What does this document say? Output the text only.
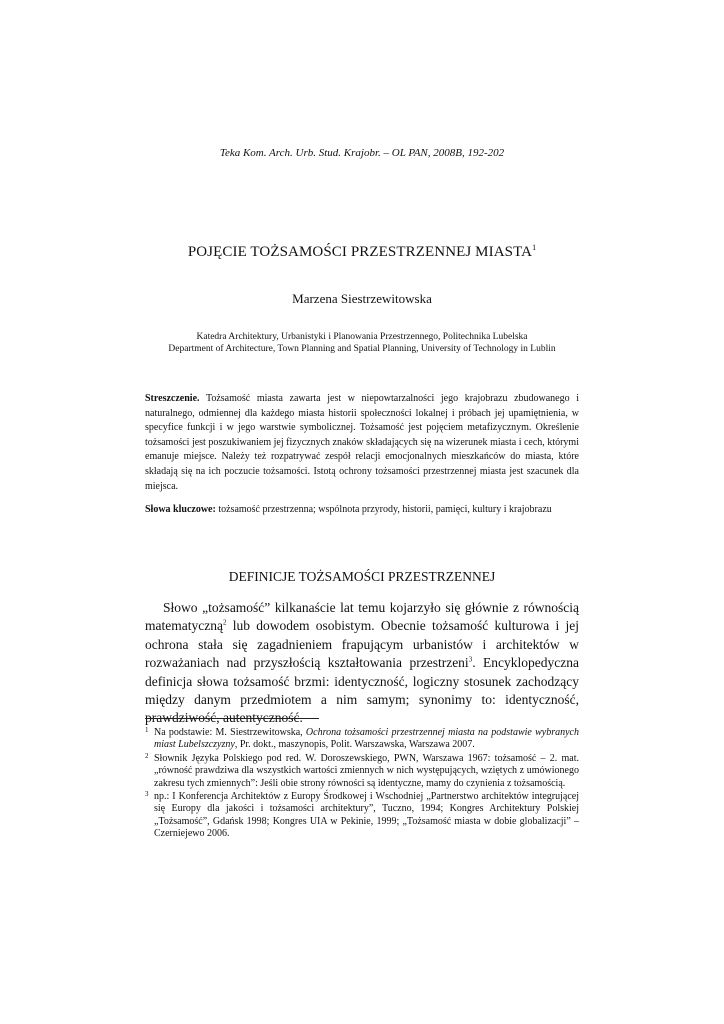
Teka Kom. Arch. Urb. Stud. Krajobr. – OL PAN, 2008B, 192-202
POJĘCIE TOŻSAMOŚCI PRZESTRZENNEJ MIASTA$^1$
Marzena Siestrzewitowska
Katedra Architektury, Urbanistyki i Planowania Przestrzennego, Politechnika Lubelska
Department of Architecture, Town Planning and Spatial Planning, University of Technology in Lublin

Streszczenie. Tożsamość miasta zawarta jest w niepowtarzalności jego krajobrazu zbudowanego i naturalnego, odmiennej dla każdego miasta historii społeczności lokalnej i próbach jej upamiętnienia, w specyfice funkcji i w jego warstwie symbolicznej. Tożsamość jest pojęciem metafizycznym. Określenie tożsamości jest poszukiwaniem jej fizycznych znaków składających się na wizerunek miasta i cech, którymi emanuje miejsce. Należy też rozpatrywać zespół relacji emocjonalnych mieszkańców do miasta, które składają się na ich poczucie tożsamości. Istotą ochrony tożsamości przestrzennej miasta jest szacunek dla miejsca.

Słowa kluczowe: tożsamość przestrzenna; wspólnota przyrody, historii, pamięci, kultury i krajobrazu

DEFINICJE TOŻSAMOŚCI PRZESTRZENNEJ

Słowo „tożsamość” kilkanaście lat temu kojarzyło się głównie z równością matematyczną$^2$ lub dowodem osobistym. Obecnie tożsamość kulturowa i jej ochrona stała się zagadnieniem frapującym urbanistów i architektów w rozważaniach nad przyszłością kształtowania przestrzeni$^3$. Encyklopedyczna definicja słowa tożsamość brzmi: identyczność, logiczny stosunek zachodzący między danym przedmiotem a nim samym; synonimy to: identyczność, prawdziwość, autentyczność.

1 Na podstawie: M. Siestrzewitowska, Ochrona tożsamości przestrzennej miasta na podstawie wybranych miast Lubelszczyzny, Pr. dokt., maszynopis, Polit. Warszawska, Warszawa 2007.
2 Słownik Języka Polskiego pod red. W. Doroszewskiego, PWN, Warszawa 1967: tożsamość – 2. mat. „równość prawdziwa dla wszystkich wartości zmiennych w nich występujących, wziętych z umówionego zakresu tych zmiennych”: Jeśli obie strony równości są identyczne, mamy do czynienia z tożsamością.
3 np.: I Konferencja Architektów z Europy Środkowej i Wschodniej „Partnerstwo architektów integrującej się Europy dla jakości i tożsamości architektury”, Tuczno, 1994; Kongres Architektury Polskiej „Tożsamość”, Gdańsk 1998; Kongres UIA w Pekinie, 1999; „Tożsamość miasta w dobie globalizacji” – Czerniejewo 2006.
